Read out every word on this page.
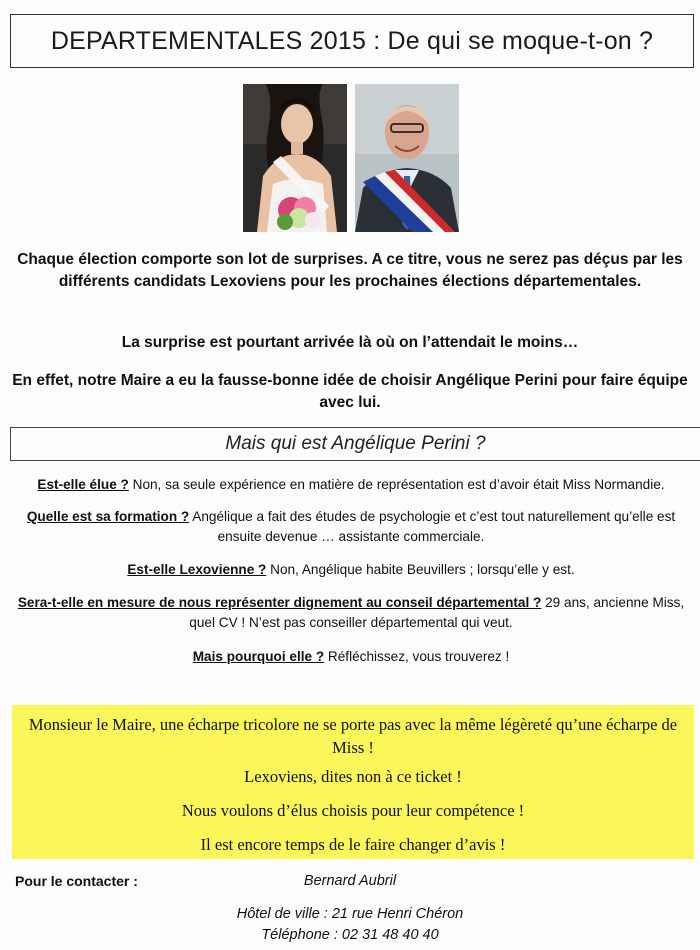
DEPARTEMENTALES 2015 : De qui se moque-t-on ?

Chaque élection comporte son lot de surprises. A ce titre, vous ne serez pas déçus par les différents candidats Lexoviens pour les prochaines élections départementales.

La surprise est pourtant arrivée là où on l’attendait le moins…

En effet, notre Maire a eu la fausse-bonne idée de choisir Angélique Perini pour faire équipe avec lui.

Mais qui est Angélique Perini ?

Est-elle élue ? Non, sa seule expérience en matière de représentation est d’avoir était Miss Normandie.

Quelle est sa formation ? Angélique a fait des études de psychologie et c’est tout naturellement qu’elle est ensuite devenue … assistante commerciale.

Est-elle Lexovienne ? Non, Angélique habite Beuvillers ; lorsqu’elle y est.

Sera-t-elle en mesure de nous représenter dignement au conseil départemental ? 29 ans, ancienne Miss, quel CV ! N’est pas conseiller départemental qui veut.

Mais pourquoi elle ? Réfléchissez, vous trouverez !

Monsieur le Maire, une écharpe tricolore ne se porte pas avec la même légèreté qu’une écharpe de Miss !

Lexoviens, dites non à ce ticket !

Nous voulons d’élus choisis pour leur compétence !

Il est encore temps de le faire changer d’avis !

Pour le contacter :	Bernard Aubril

Hôtel de ville : 21 rue Henri Chéron

Téléphone : 02 31 48 40 40
